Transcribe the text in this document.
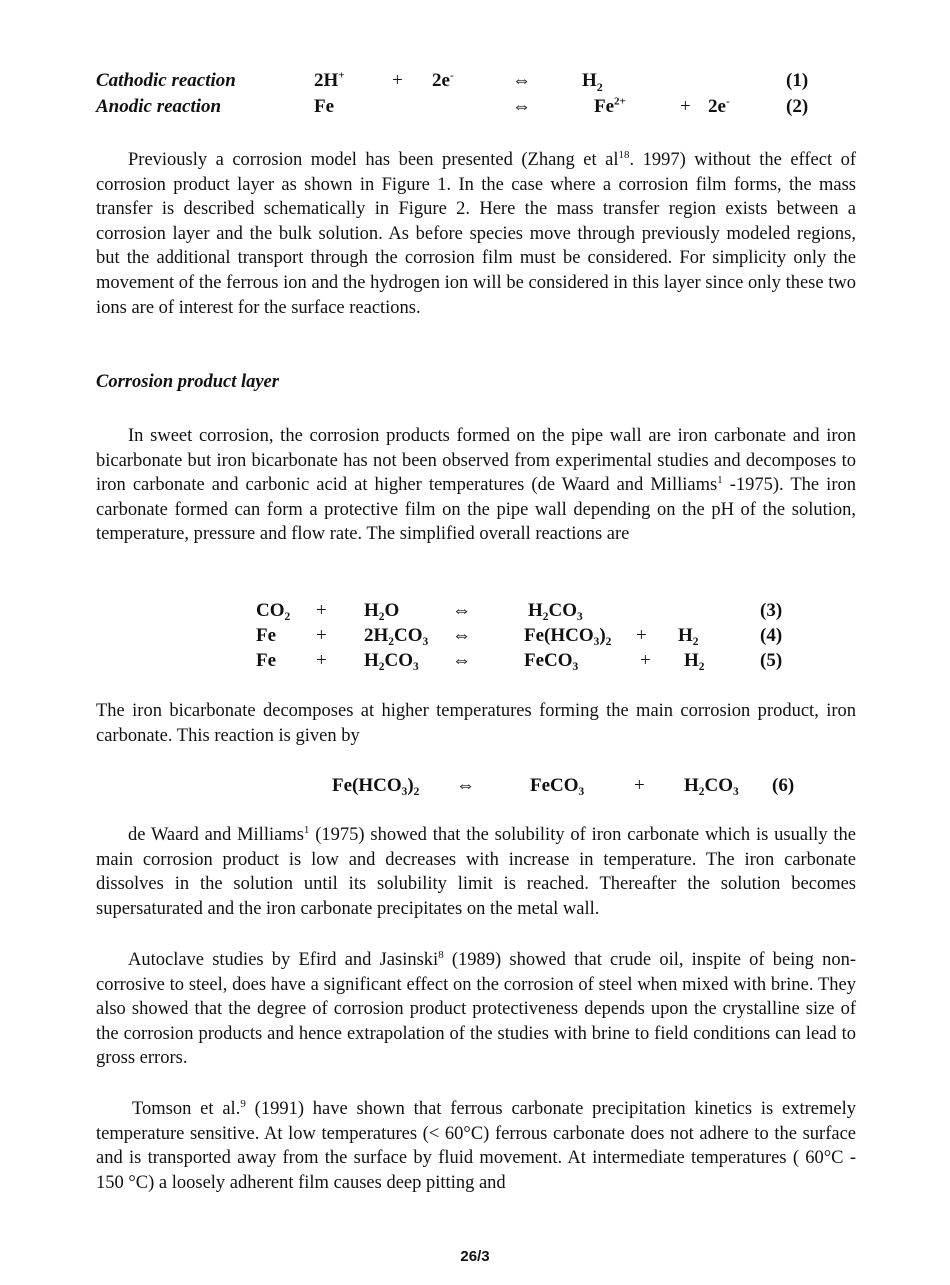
Cathodic reaction	2H+ + 2e-	⇔	$H_2$	(1)
Anodic reaction	Fe	⇔	$Fe^{2+}$	+ 2e-	(2)

Previously a corrosion model has been presented (Zhang et $al^{18}$. 1997) without the effect of corrosion product layer as shown in Figure 1. In the case where a corrosion film forms, the mass transfer is described schematically in Figure 2. Here the mass transfer region exists between a corrosion layer and the bulk solution. As before species move through previously modeled regions, but the additional transport through the corrosion film must be considered. For simplicity only the movement of the ferrous ion and the hydrogen ion will be considered in this layer since only these two ions are of interest for the surface reactions.

Corrosion product layer

In sweet corrosion, the corrosion products formed on the pipe wall are iron carbonate and iron bicarbonate but iron bicarbonate has not been observed from experimental studies and decomposes to iron carbonate and carbonic acid at higher temperatures (de Waard and Milliams$^1$ -1975). The iron carbonate formed can form a protective film on the pipe wall depending on the pH of the solution, temperature, pressure and flow rate. The simplified overall reactions are

CO₂ + H₂O	⇔	H₂CO₃	(3)
Fe + 2H₂CO₃ ⇔	Fe(HCO₃)₂ + H₂	(4)
Fe + H₂CO₃ ⇔	FeCO₃	+ H₂	(5)

The iron bicarbonate decomposes at higher temperatures forming the main corrosion product, iron carbonate. This reaction is given by

Fe(HCO₃)₂ ⇔	FeCO₃	+ H₂CO₃ (6)

de Waard and Milliams$^1$ (1975) showed that the solubility of iron carbonate which is usually the main corrosion product is low and decreases with increase in temperature. The iron carbonate dissolves in the solution until its solubility limit is reached. Thereafter the solution becomes supersaturated and the iron carbonate precipitates on the metal wall.

Autoclave studies by Efird and Jasinski$^8$ (1989) showed that crude oil, inspite of being non-corrosive to steel, does have a significant effect on the corrosion of steel when mixed with brine. They also showed that the degree of corrosion product protectiveness depends upon the crystalline size of the corrosion products and hence extrapolation of the studies with brine to field conditions can lead to gross errors.

Tomson et al.$^9$ (1991) have shown that ferrous carbonate precipitation kinetics is extremely temperature sensitive. At low temperatures (< 60°C) ferrous carbonate does not adhere to the surface and is transported away from the surface by fluid movement. At intermediate temperatures ( 60°C - 150 °C) a loosely adherent film causes deep pitting and

26/3
